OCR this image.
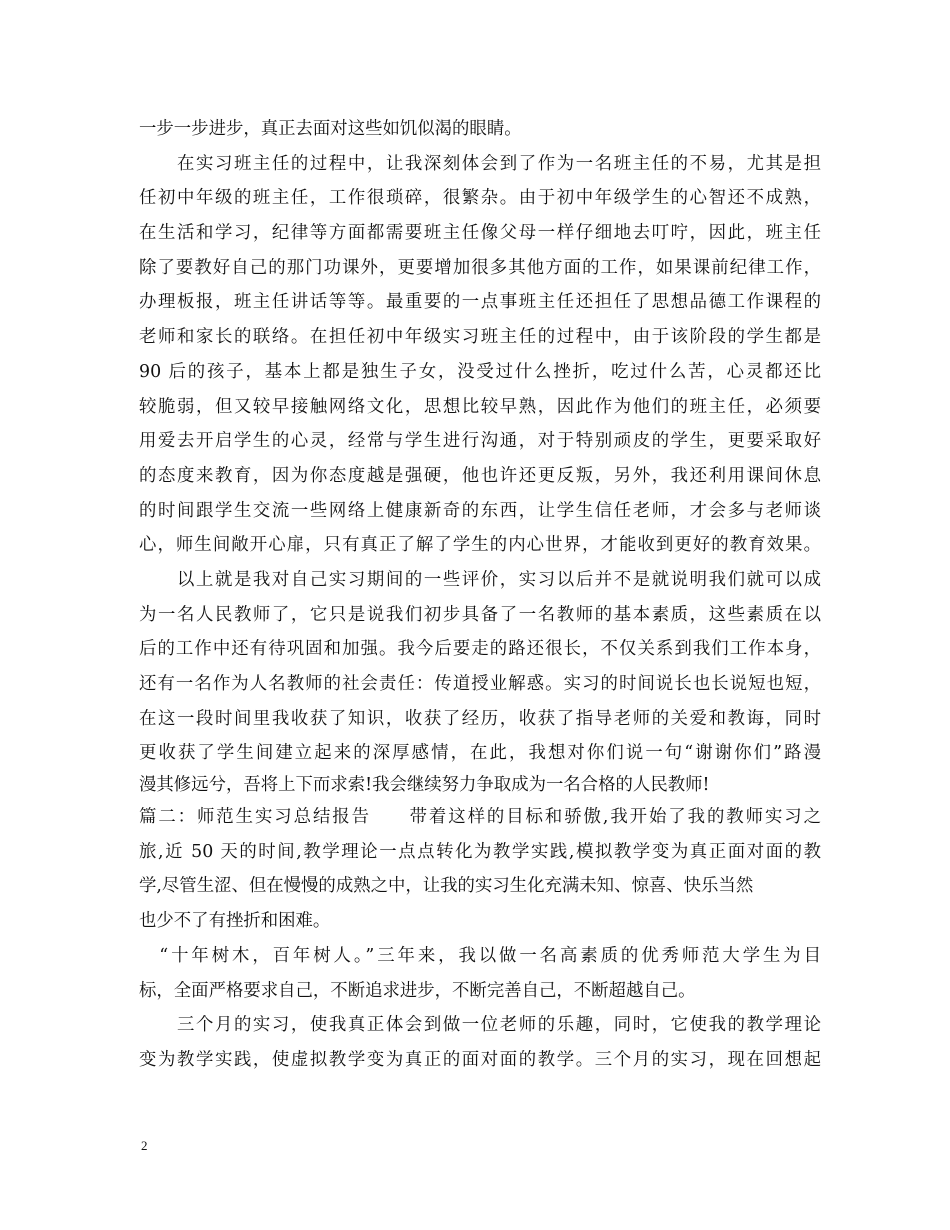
一步一步进步，真正去面对这些如饥似渴的眼睛。
　　在实习班主任的过程中，让我深刻体会到了作为一名班主任的不易，尤其是担
任初中年级的班主任，工作很琐碎，很繁杂。由于初中年级学生的心智还不成熟，
在生活和学习，纪律等方面都需要班主任像父母一样仔细地去叮咛，因此，班主任
除了要教好自己的那门功课外，更要增加很多其他方面的工作，如果课前纪律工作，
办理板报，班主任讲话等等。最重要的一点事班主任还担任了思想品德工作课程的
老师和家长的联络。在担任初中年级实习班主任的过程中，由于该阶段的学生都是
90 后的孩子，基本上都是独生子女，没受过什么挫折，吃过什么苦，心灵都还比
较脆弱，但又较早接触网络文化，思想比较早熟，因此作为他们的班主任，必须要
用爱去开启学生的心灵，经常与学生进行沟通，对于特别顽皮的学生，更要采取好
的态度来教育，因为你态度越是强硬，他也许还更反叛，另外，我还利用课间休息
的时间跟学生交流一些网络上健康新奇的东西，让学生信任老师，才会多与老师谈
心，师生间敞开心扉，只有真正了解了学生的内心世界，才能收到更好的教育效果。
　　以上就是我对自己实习期间的一些评价，实习以后并不是就说明我们就可以成
为一名人民教师了，它只是说我们初步具备了一名教师的基本素质，这些素质在以
后的工作中还有待巩固和加强。我今后要走的路还很长，不仅关系到我们工作本身，
还有一名作为人名教师的社会责任：传道授业解惑。实习的时间说长也长说短也短，
在这一段时间里我收获了知识，收获了经历，收获了指导老师的关爱和教诲，同时
更收获了学生间建立起来的深厚感情，在此，我想对你们说一句“谢谢你们”路漫
漫其修远兮，吾将上下而求索!我会继续努力争取成为一名合格的人民教师!
篇二：师范生实习总结报告　　带着这样的目标和骄傲,我开始了我的教师实习之
旅,近 50 天的时间,教学理论一点点转化为教学实践,模拟教学变为真正面对面的教
学,尽管生涩、但在慢慢的成熟之中，让我的实习生化充满未知、惊喜、快乐当然
也少不了有挫折和困难。
　“十年树木，百年树人。”三年来，我以做一名高素质的优秀师范大学生为目
标，全面严格要求自己，不断追求进步，不断完善自己，不断超越自己。
　　三个月的实习，使我真正体会到做一位老师的乐趣，同时，它使我的教学理论
变为教学实践，使虚拟教学变为真正的面对面的教学。三个月的实习，现在回想起
2
